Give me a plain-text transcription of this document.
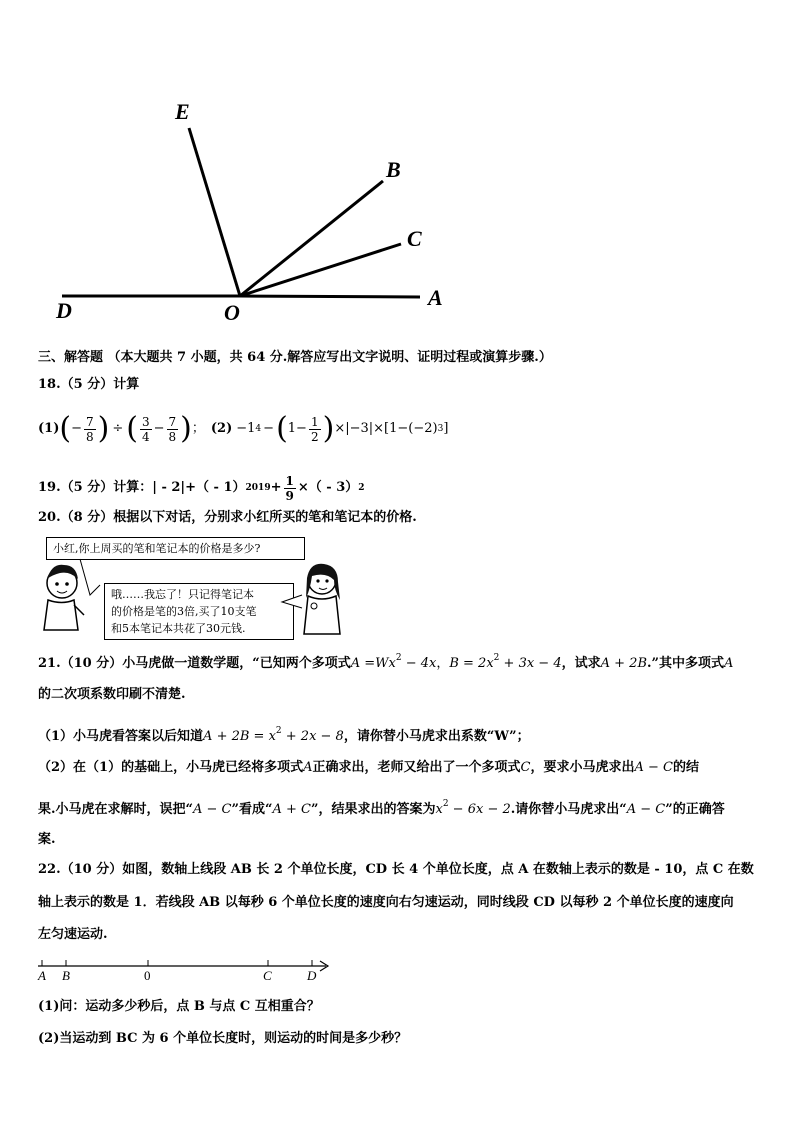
E
B
C
D	O
A
三、解答题 （本大题共 7 小题，共 64 分.解答应写出文字说明、证明过程或演算步骤.）
18.（5 分）计算
(1) ( − $\frac{7}{8}$ ) ÷ ( $\frac{3}{4} - \frac{7}{8}$ ) ； (2) −1 4 − ( $1- \frac{1}{2}$ ) ×|−3|× [1−(−2) 3 ]
19.（5 分）计算：| - 2|+（ - 1） $2019 + \frac{1}{9}$ ×（ - 3） 2
20.（8 分）根据以下对话，分别求小红所买的笔和笔记本的价格.
小红,你上周买的笔和笔记本的价格是多少?
哦……我忘了！只记得笔记本
的价格是笔的3倍,买了10支笔
和5本笔记本共花了30元钱.
21.（10 分）小马虎做一道数学题，“已知两个多项式$A =Wx^2 - 4x$，$B = 2x^2 + 3x - 4$，试求A + 2B.”其中多项式A
的二次项系数印刷不清楚.
（1）小马虎看答案以后知道$A + 2B = x^2 + 2x - 8$，请你替小马虎求出系数“W”；
（2）在（1）的基础上，小马虎已经将多项式A正确求出，老师又给出了一个多项式C，要求小马虎求出A − C的结
果.小马虎在求解时，误把“A − C”看成“A + C”，结果求出的答案为$x^2 - 6x - 2$.请你替小马虎求出“A − C”的正确答
案.
22.（10 分）如图，数轴上线段 AB 长 2 个单位长度，CD 长 4 个单位长度，点 A 在数轴上表示的数是 - 10，点 C 在数
轴上表示的数是 1．若线段 AB 以每秒 6 个单位长度的速度向右匀速运动，同时线段 CD 以每秒 2 个单位长度的速度向
左匀速运动.
A B	0	C	D
(1)问：运动多少秒后，点 B 与点 C 互相重合？
(2)当运动到 BC 为 6 个单位长度时，则运动的时间是多少秒？
